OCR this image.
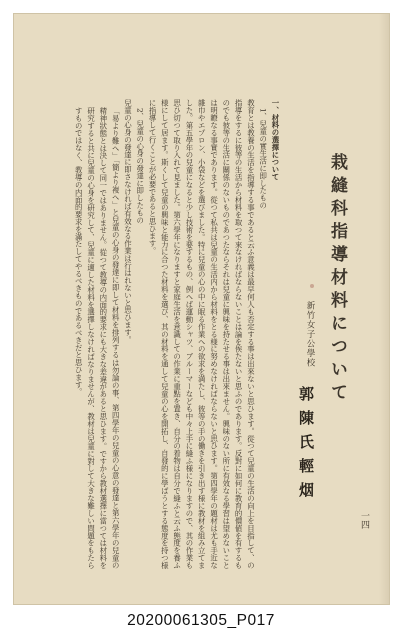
栽縫科指導材料について
新竹女子公學校
郭陳氏輕烟
一四

一、材料の選擇について

1、兒童の實生活に即したもの

教育とは教養の生活を指導する事であると云ふ意義は最早何人も否定する事は出來ないと思ひます。從つて兒童の生活の向上を目指して、の指導をするに彼等の生活から材料を取つて來なければならないことは論を俟たないと思ふのであります。反對に如何に教育的價値を有するものでも彼等の生活に關係のないものであつたならそれは兒童に興味を持たせる事は出來ません。興味のない所に有效なる學習は望めないことは明瞭なる事實であります。從つて私共は兒童の生活内から材料をとる様に努めなければならないと思ひます。第四學年の題材は尤も手近な雜巾やエプロン、小袋などを選びました。特に兒童の心の中に眠る作業への欲求を満たし、彼等の手の働きを引き出す様に教材を組み立てました。第五學年の兒童になると少し技術を要するもの、例へば運動シャツ、ブルーマーなども中々上手に縫ふ様になりますので、其の作業も思ひ切つて取り入れて見ました。第六學年になりますと家庭生活を意識しての作業に重點を置き、自分の着物は自分で縫ふと云ふ態度を養ふ様にして居ます。斯くして兒童の興味と能力に合つた材料を選び、其の材料を通して兒童の心を開拓し、自發的に學ばうとする態度を持つ様に指導して行くことが必要であると思ひます。

2、兒童の心身の發達に即したもの

兒童の心身の發達に即さなければ有效なる作業は行はれないと思ひます。

「易より難へ」「簡より複へ」と兒童の心身の發達に即して材料を排列するは勿論の事、第四學年の兒童の心意の發達と第六學年の兒童の精神狀態とは決して同一ではありません。從つて教導の内面的要求にも大きな差違があると思ひます。ですから教材選擇に當つては材料を研究すると共に兒童の心身を研究して、兒童に適した材料を選擇しなければなりませんが、教材は兒童に對して大きな難しい問題をもたらすものではなく、教導の内面的要求を滿たしてやるべきものであるべきだと思ひます。

20200061305_P017
